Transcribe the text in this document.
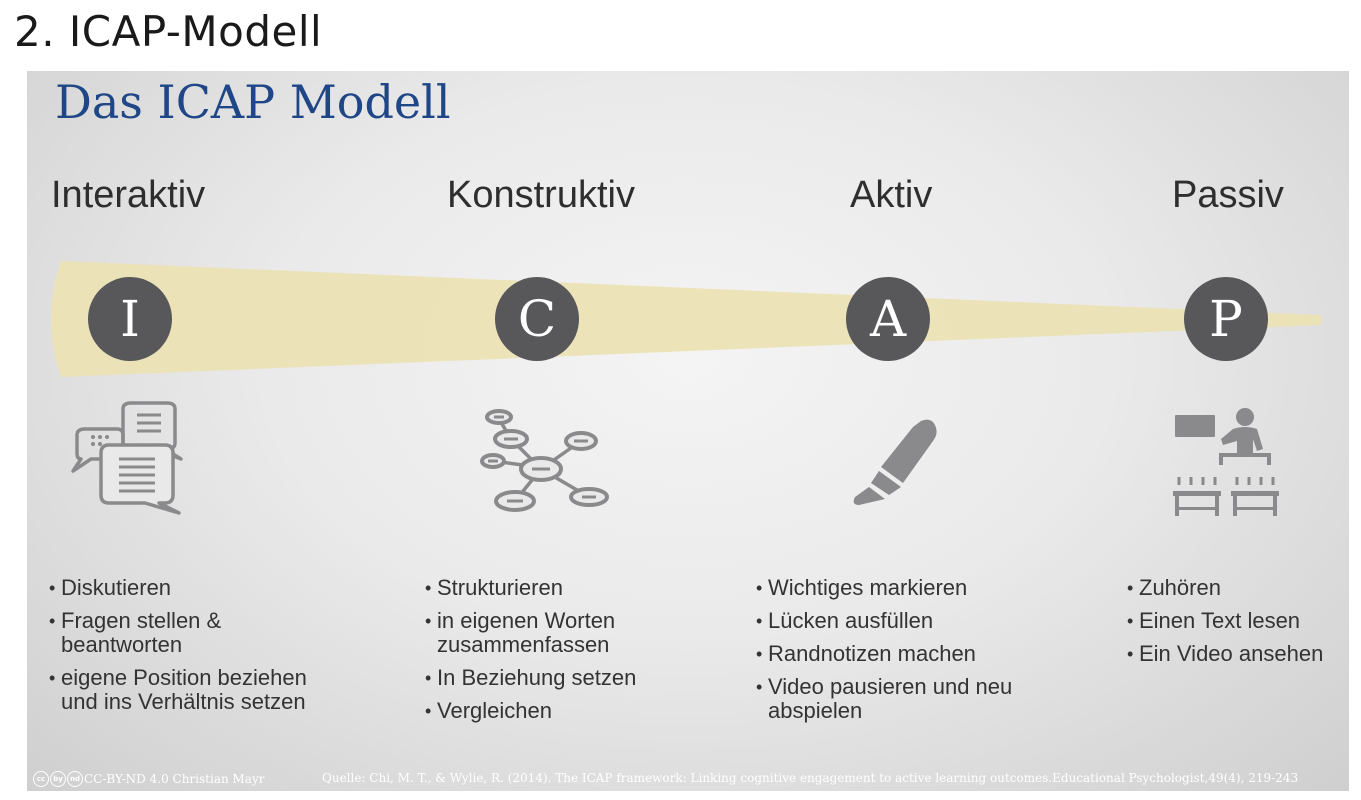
2. ICAP-Modell
Das ICAP Modell
Interaktiv	Konstruktiv	Aktiv	Passiv
I	C	A	P
• Diskutieren
• Fragen stellen & beantworten
• eigene Position beziehen und ins Verhältnis setzen
• Strukturieren
• in eigenen Worten zusammenfassen
• In Beziehung setzen
• Vergleichen
• Wichtiges markieren
• Lücken ausfüllen
• Randnotizen machen
• Video pausieren und neu abspielen
• Zuhören
• Einen Text lesen
• Ein Video ansehen
cc	by	nd CC-BY-ND 4.0 Christian Mayr	Quelle: Chi, M. T., & Wylie, R. (2014). The ICAP framework: Linking cognitive engagement to active learning outcomes.Educational Psychologist,49(4), 219-243
